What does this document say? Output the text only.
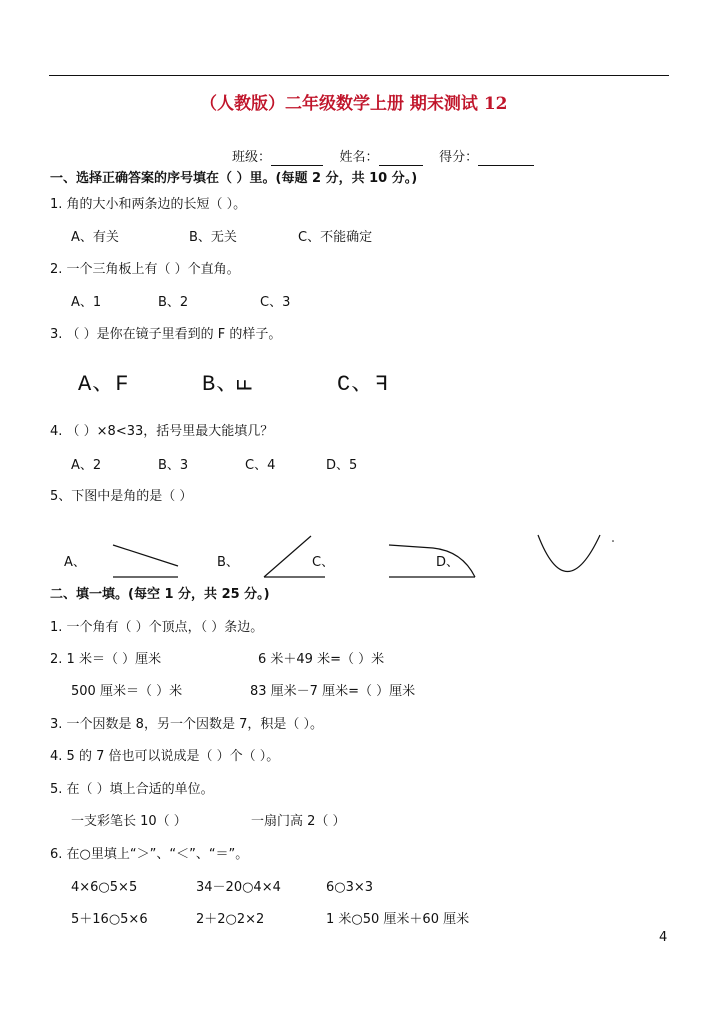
（人教版）二年级数学上册 期末测试 12
班级：	姓名：	得分：
一、选择正确答案的序号填在（ ）里。(每题 2 分，共 10 分。)
1. 角的大小和两条边的长短（ ）。
A、有关	B、无关	C、不能确定
2. 一个三角板上有（ ）个直角。
A、1	B、2	C、3
3. （ ）是你在镜子里看到的 F 的样子。
A、F	B、F	C、F
4. （ ）×8<33，括号里最大能填几？
A、2	B、3	C、4	D、5
5、下图中是角的是（ ）
A、	B、	C、	D、
二、填一填。(每空 1 分，共 25 分。)
1. 一个角有（ ）个顶点，（ ）条边。
2. 1 米＝（ ）厘米	6 米＋49 米=（ ）米
500 厘米＝（ ）米	83 厘米－7 厘米=（ ）厘米
3. 一个因数是 8，另一个因数是 7，积是（ ）。
4. 5 的 7 倍也可以说成是（ ）个（ ）。
5. 在（ ）填上合适的单位。
一支彩笔长 10（ ）	一扇门高 2（ ）
6. 在○里填上“＞”、“＜”、“＝”。
4×6○5×5	34－20○4×4	6○3×3
5＋16○5×6	2＋2○2×2	1 米○50 厘米＋60 厘米
4
